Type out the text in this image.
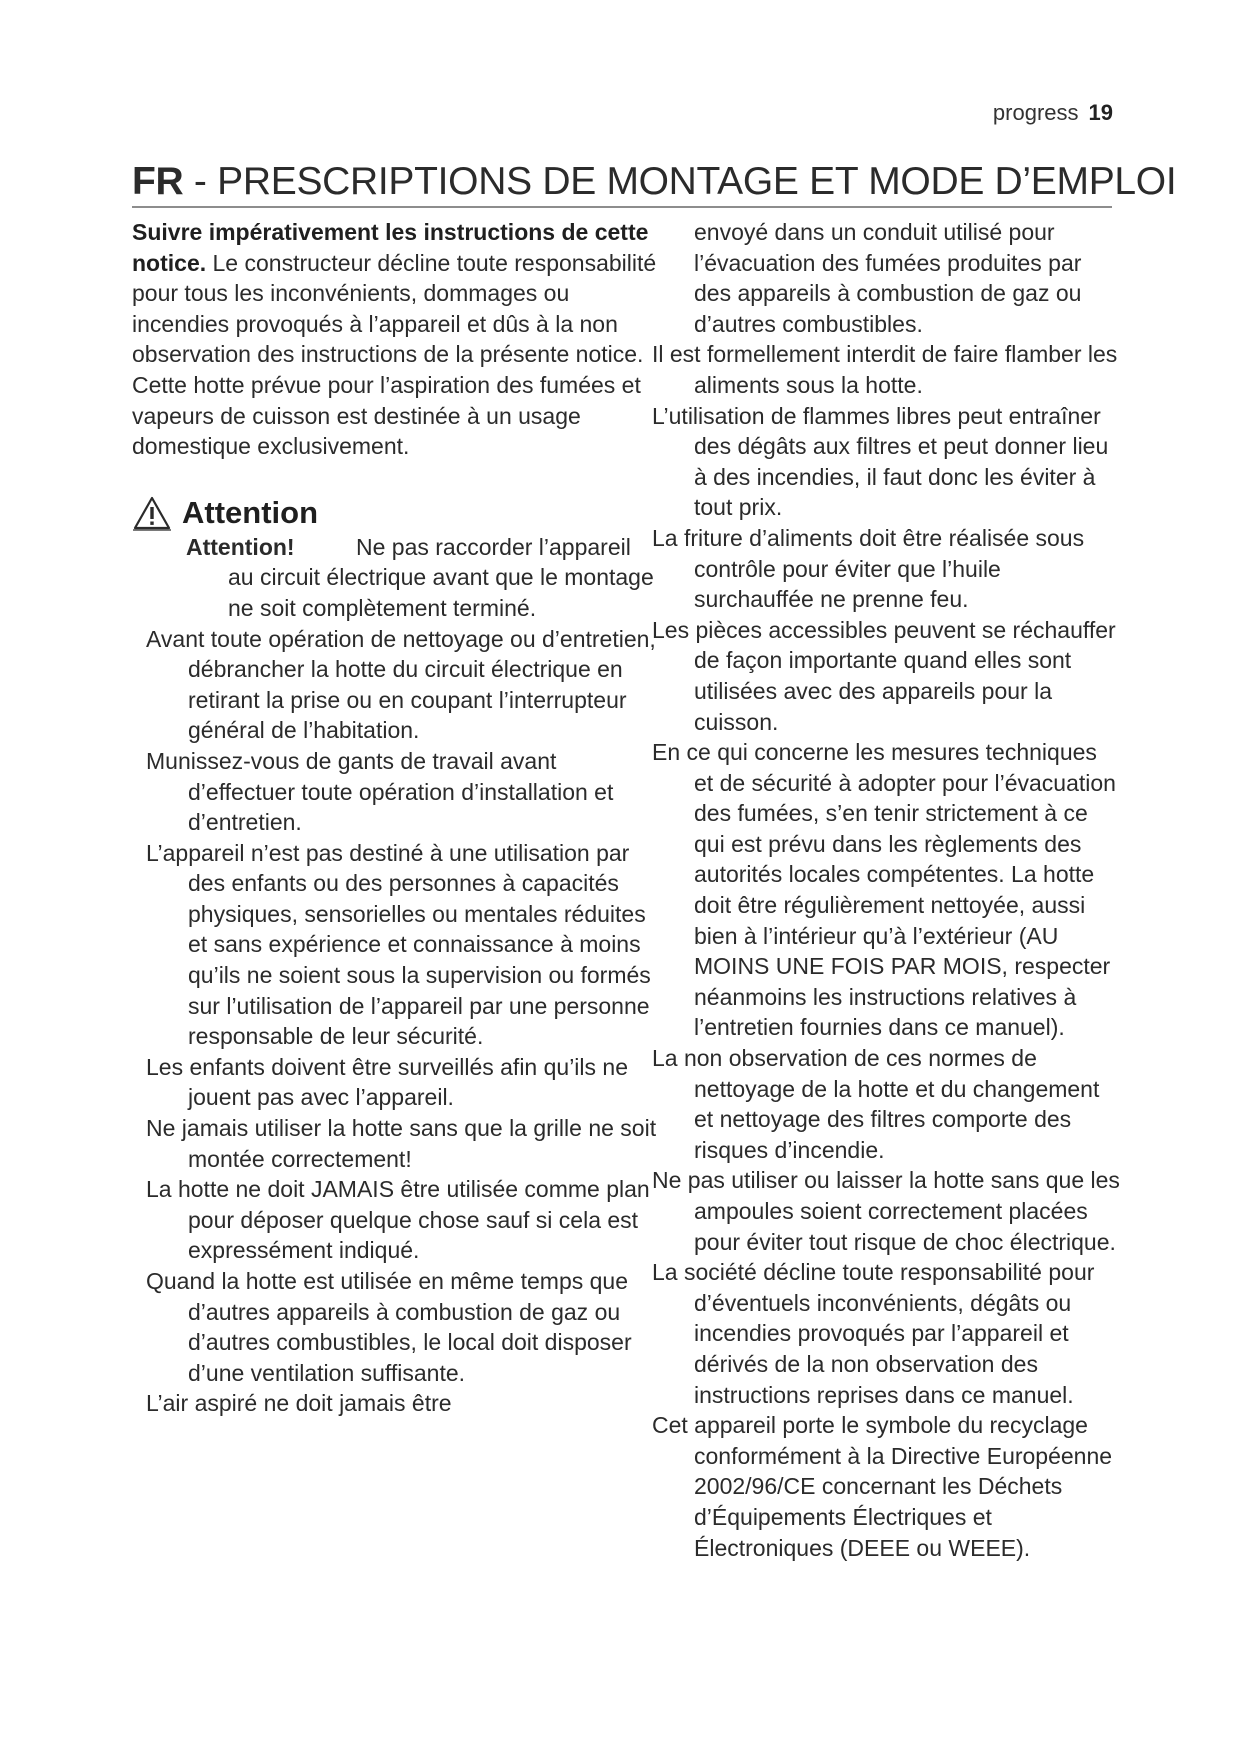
progress 19
FR - PRESCRIPTIONS DE MONTAGE ET MODE D’EMPLOI

Suivre impérativement les instructions de cette notice. Le constructeur décline toute responsabilité pour tous les inconvénients, dommages ou incendies provoqués à l’appareil et dûs à la non observation des instructions de la présente notice. Cette hotte prévue pour l’aspiration des fumées et vapeurs de cuisson est destinée à un usage domestique exclusivement.

Attention
Attention!	Ne pas raccorder l’appareil
au circuit électrique avant que le montage ne soit complètement terminé.
Avant toute opération de nettoyage ou d’entretien, débrancher la hotte du circuit électrique en retirant la prise ou en coupant l’interrupteur général de l’habitation.
Munissez-vous de gants de travail avant d’effectuer toute opération d’installation et d’entretien.
L’appareil n’est pas destiné à une utilisation par des enfants ou des personnes à capacités physiques, sensorielles ou mentales réduites et sans expérience et connaissance à moins qu’ils ne soient sous la supervision ou formés sur l’utilisation de l’appareil par une personne responsable de leur sécurité.
Les enfants doivent être surveillés afin qu’ils ne jouent pas avec l’appareil.
Ne jamais utiliser la hotte sans que la grille ne soit montée correctement!
La hotte ne doit JAMAIS être utilisée comme plan pour déposer quelque chose sauf si cela est expressément indiqué.
Quand la hotte est utilisée en même temps que d’autres appareils à combustion de gaz ou d’autres combustibles, le local doit disposer d’une ventilation suffisante.
L’air aspiré ne doit jamais être
envoyé dans un conduit utilisé pour l’évacuation des fumées produites par des appareils à combustion de gaz ou d’autres combustibles.
Il est formellement interdit de faire flamber les aliments sous la hotte.
L’utilisation de flammes libres peut entraîner des dégâts aux filtres et peut donner lieu à des incendies, il faut donc les éviter à tout prix.
La friture d’aliments doit être réalisée sous contrôle pour éviter que l’huile surchauffée ne prenne feu.
Les pièces accessibles peuvent se réchauffer de façon importante quand elles sont utilisées avec des appareils pour la cuisson.
En ce qui concerne les mesures techniques et de sécurité à adopter pour l’évacuation des fumées, s’en tenir strictement à ce qui est prévu dans les règlements des autorités locales compétentes. La hotte doit être régulièrement nettoyée, aussi bien à l’intérieur qu’à l’extérieur (AU MOINS UNE FOIS PAR MOIS, respecter néanmoins les instructions relatives à l’entretien fournies dans ce manuel).
La non observation de ces normes de nettoyage de la hotte et du changement et nettoyage des filtres comporte des risques d’incendie.
Ne pas utiliser ou laisser la hotte sans que les ampoules soient correctement placées pour éviter tout risque de choc électrique.
La société décline toute responsabilité pour d’éventuels inconvénients, dégâts ou incendies provoqués par l’appareil et dérivés de la non observation des instructions reprises dans ce manuel.
Cet appareil porte le symbole du recyclage conformément à la Directive Européenne 2002/96/CE concernant les Déchets d’Équipements Électriques et Électroniques (DEEE ou WEEE).
